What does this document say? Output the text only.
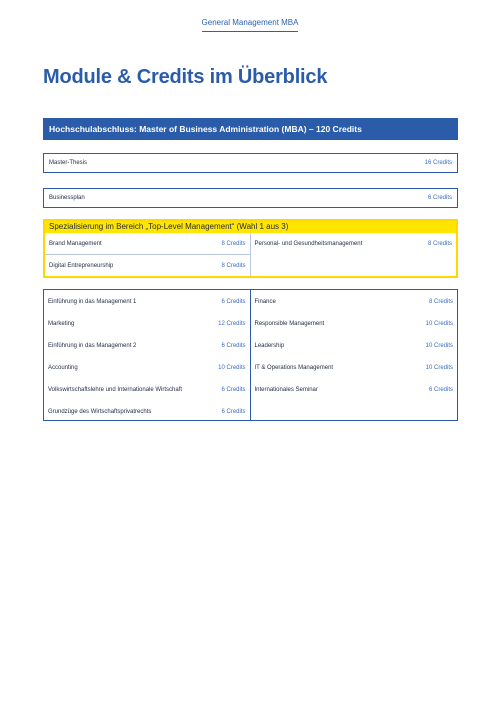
General Management MBA
Module & Credits im Überblick
Hochschulabschluss: Master of Business Administration (MBA) – 120 Credits
Master-Thesis	16 Credits
Businessplan	6 Credits
Spezialisierung im Bereich „Top-Level Management“ (Wahl 1 aus 3)
Brand Management	8 Credits
Digital Entrepreneurship	8 Credits
Personal- und Gesundheitsmanagement	8 Credits
Einführung in das Management 1	6 Credits
Marketing	12 Credits
Einführung in das Management 2	6 Credits
Accounting	10 Credits
Volkswirtschaftslehre und Internationale Wirtschaft	6 Credits
Grundzüge des Wirtschaftsprivatrechts	6 Credits
Finance	8 Credits
Responsible Management	10 Credits
Leadership	10 Credits
IT & Operations Management	10 Credits
Internationales Seminar	6 Credits
